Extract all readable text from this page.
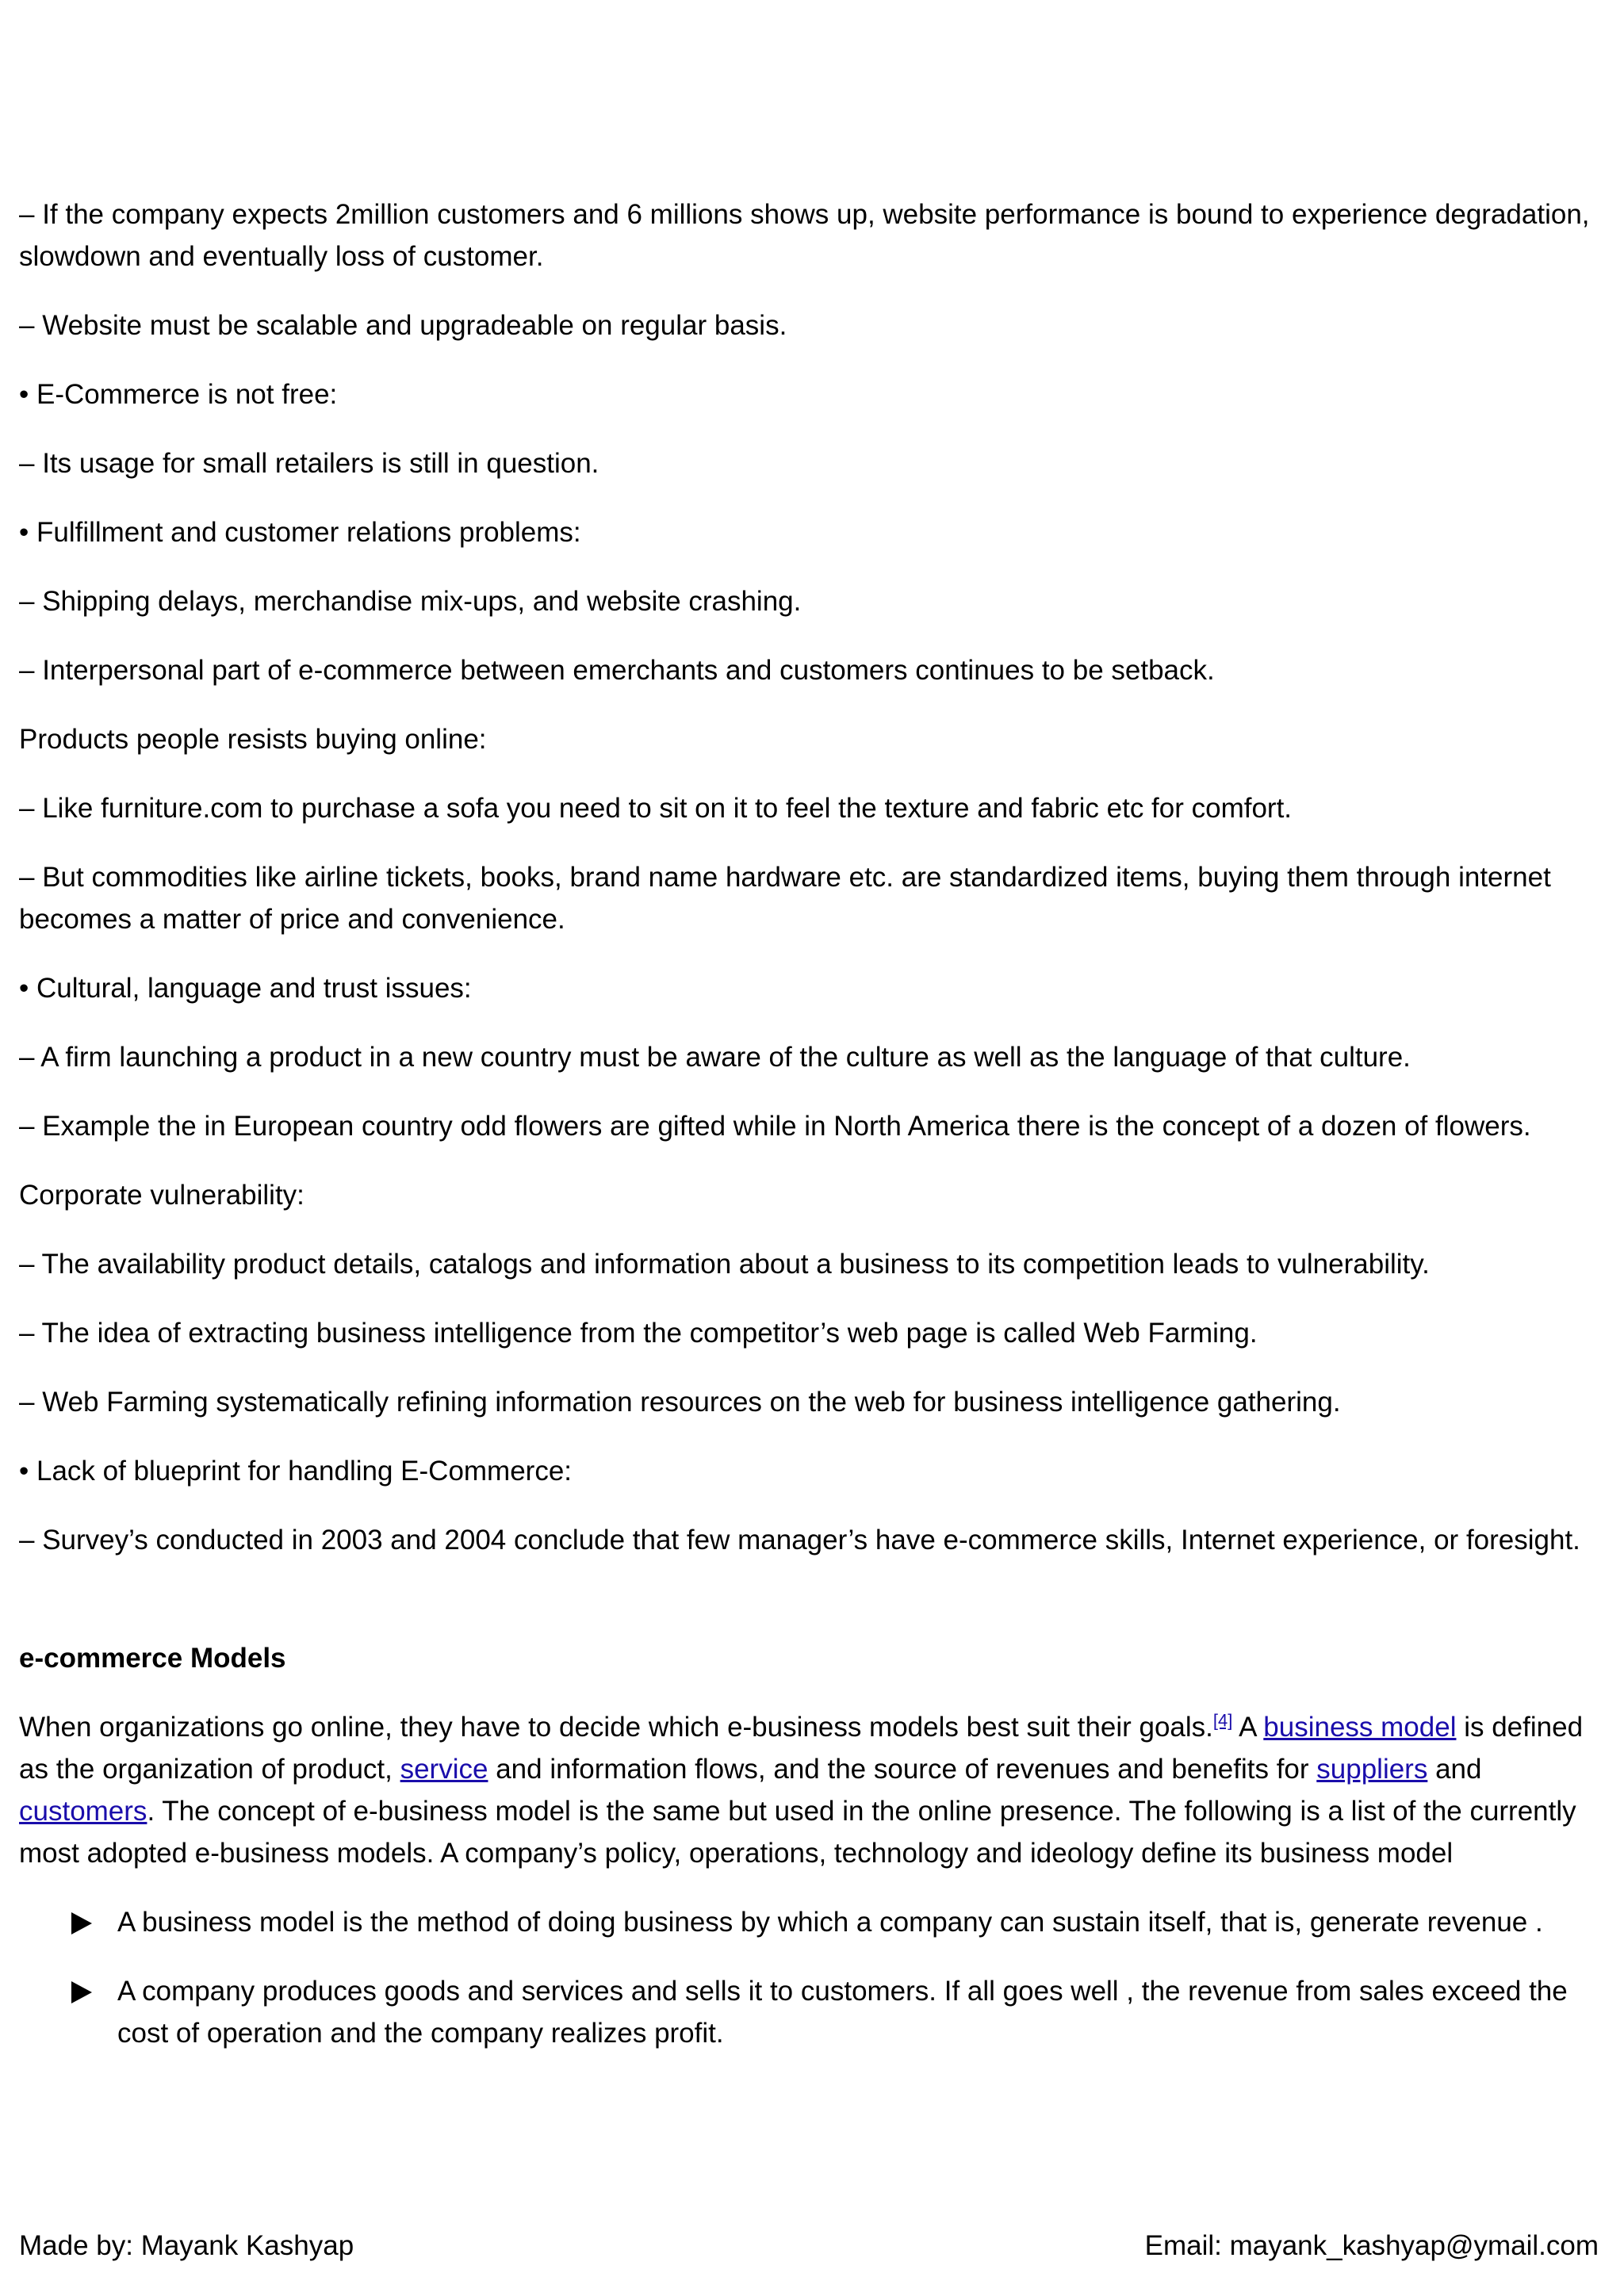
– If the company expects 2million customers and 6 millions shows up, website performance is bound to experience degradation, slowdown and eventually loss of customer.

– Website must be scalable and upgradeable on regular basis.

• E-Commerce is not free:

– Its usage for small retailers is still in question.

• Fulfillment and customer relations problems:

– Shipping delays, merchandise mix-ups, and website crashing.

– Interpersonal part of e-commerce between emerchants and customers continues to be setback.

Products people resists buying online:

– Like furniture.com to purchase a sofa you need to sit on it to feel the texture and fabric etc for comfort.

– But commodities like airline tickets, books, brand name hardware etc. are standardized items, buying them through internet becomes a matter of price and convenience.

• Cultural, language and trust issues:

– A firm launching a product in a new country must be aware of the culture as well as the language of that culture.

– Example the in European country odd flowers are gifted while in North America there is the concept of a dozen of flowers.

Corporate vulnerability:

– The availability product details, catalogs and information about a business to its competition leads to vulnerability.

– The idea of extracting business intelligence from the competitor’s web page is called Web Farming.

– Web Farming systematically refining information resources on the web for business intelligence gathering.

• Lack of blueprint for handling E-Commerce:

– Survey’s conducted in 2003 and 2004 conclude that few manager’s have e-commerce skills, Internet experience, or foresight.

e-commerce Models

When organizations go online, they have to decide which e-business models best suit their goals.[4] A business model is defined as the organization of product, service and information flows, and the source of revenues and benefits for suppliers and customers. The concept of e-business model is the same but used in the online presence. The following is a list of the currently most adopted e-business models. A company’s policy, operations, technology and ideology define its business model

A business model is the method of doing business by which a company can sustain itself, that is, generate revenue .
A company produces goods and services and sells it to customers. If all goes well , the revenue from sales exceed the cost of operation and the company realizes profit.
Made by: Mayank Kashyap	Email: mayank_kashyap@ymail.com
